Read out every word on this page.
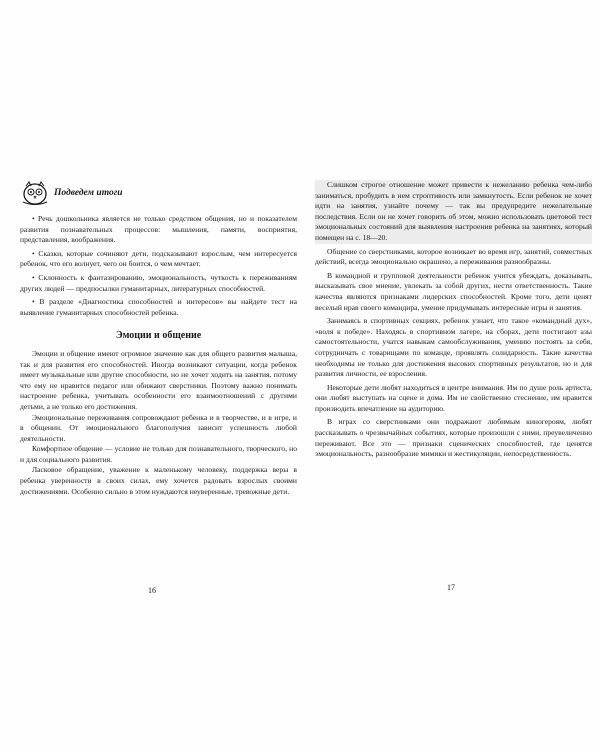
Подведем итоги

• Речь дошкольника является не только средством общения, но и показателем развития познавательных процессов: мышления, памяти, восприятия, представления, воображения.

• Сказки, которые сочиняют дети, подсказывают взрослым, чем интересуется ребенок, что его волнует, чего он боится, о чем мечтает.

• Склонность к фантазированию, эмоциональность, чуткость к переживаниям других людей — предпосылки гуманитарных, литературных способностей.

• В разделе «Диагностика способностей и интересов» вы найдете тест на выявление гуманитарных способностей ребенка.

Эмоции и общение

Эмоции и общение имеют огромное значение как для общего развития малыша, так и для развития его способностей. Иногда возникают ситуации, когда ребенок имеет музыкальные или другие способности, но не хочет ходить на занятия, потому что ему не нравится педагог или обижают сверстники. Поэтому важно понимать настроение ребенка, учитывать особенности его взаимоотношений с другими детьми, а не только его достижения.

Эмоциональные переживания сопровождают ребенка и в творчестве, и в игре, и в общении. От эмоционального благополучия зависит успешность любой деятельности.

Комфортное общение — условие не только для познавательного, творческого, но и для социального развития.

Ласковое обращение, уважение к маленькому человеку, поддержка веры в ребенка уверенности в своих силах, ему хочется радовать взрослых своими достижениями. Особенно сильно в этом нуждаются неуверенные, тревожные дети.

16

Слишком строгое отношение может привести к нежеланию ребенка чем-либо заниматься, пробудить в нем строптивость или замкнутость. Если ребенок не хочет идти на занятия, узнайте почему — так вы предупредите нежелательные последствия. Если он не хочет говорить об этом, можно использовать цветовой тест эмоциональных состояний для выявления настроения ребенка на занятиях, который помещен на с. 18—20.

Общение со сверстниками, которое возникает во время игр, занятий, совместных действий, всегда эмоционально окрашено, а переживания разнообразны.

В командной и групповой деятельности ребенок учится убеждать, доказывать, высказывать свое мнение, увлекать за собой других, нести ответственность. Такие качества являются признаками лидерских способностей. Кроме того, дети ценят веселый нрав своего командира, умение придумывать интересные игры и занятия.

Занимаясь в спортивных секциях, ребенок узнает, что такое «командный дух», «воля к победе». Находясь в спортивном лагере, на сборах, дети постигают азы самостоятельности, учатся навыкам самообслуживания, умению постоять за себя, сотрудничать с товарищами по команде, проявлять солидарность. Такие качества необходимы не только для достижения высоких спортивных результатов, но и для развития личности, ее взросления.

Некоторые дети любят находиться в центре внимания. Им по душе роль артиста, они любят выступать на сцене и дома. Им не свойственно стеснение, им нравится производить впечатление на аудиторию.

В играх со сверстниками они подражают любимым киногероям, любят рассказывать о чрезвычайных событиях, которые произошли с ними, преувеличенно переживают. Все это — признаки сценических способностей, где ценятся эмоциональность, разнообразие мимики и жестикуляции, непосредственность.

17
